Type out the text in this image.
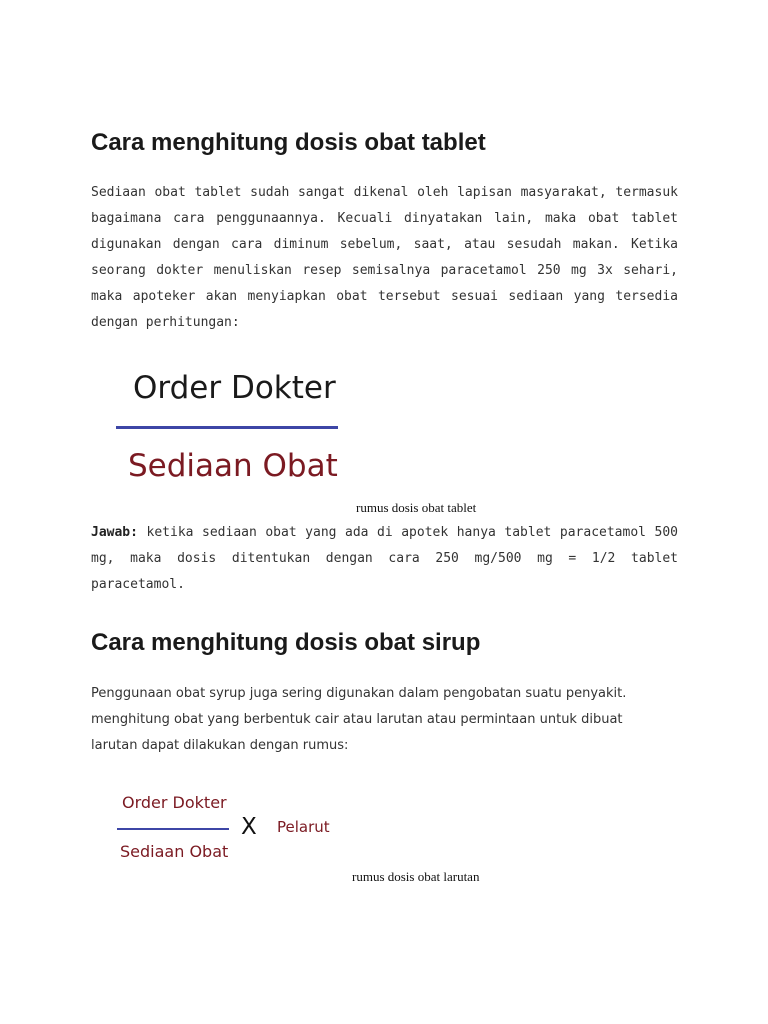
Cara menghitung dosis obat tablet
Sediaan obat tablet sudah sangat dikenal oleh lapisan masyarakat, termasuk
bagaimana cara penggunaannya. Kecuali dinyatakan lain, maka obat tablet
digunakan dengan cara diminum sebelum, saat, atau sesudah makan. Ketika
seorang dokter menuliskan resep semisalnya paracetamol 250 mg 3x sehari,
maka apoteker akan menyiapkan obat tersebut sesuai sediaan yang tersedia
dengan perhitungan:
Order Dokter
Sediaan Obat
rumus dosis obat tablet
Jawab: ketika sediaan obat yang ada di apotek hanya tablet paracetamol 500
mg, maka dosis ditentukan dengan cara 250 mg/500 mg = 1/2 tablet
paracetamol.
Cara menghitung dosis obat sirup
Penggunaan obat syrup juga sering digunakan dalam pengobatan suatu penyakit.
menghitung obat yang berbentuk cair atau larutan atau permintaan untuk dibuat
larutan dapat dilakukan dengan rumus:
Order Dokter
Sediaan Obat
X Pelarut
rumus dosis obat larutan
